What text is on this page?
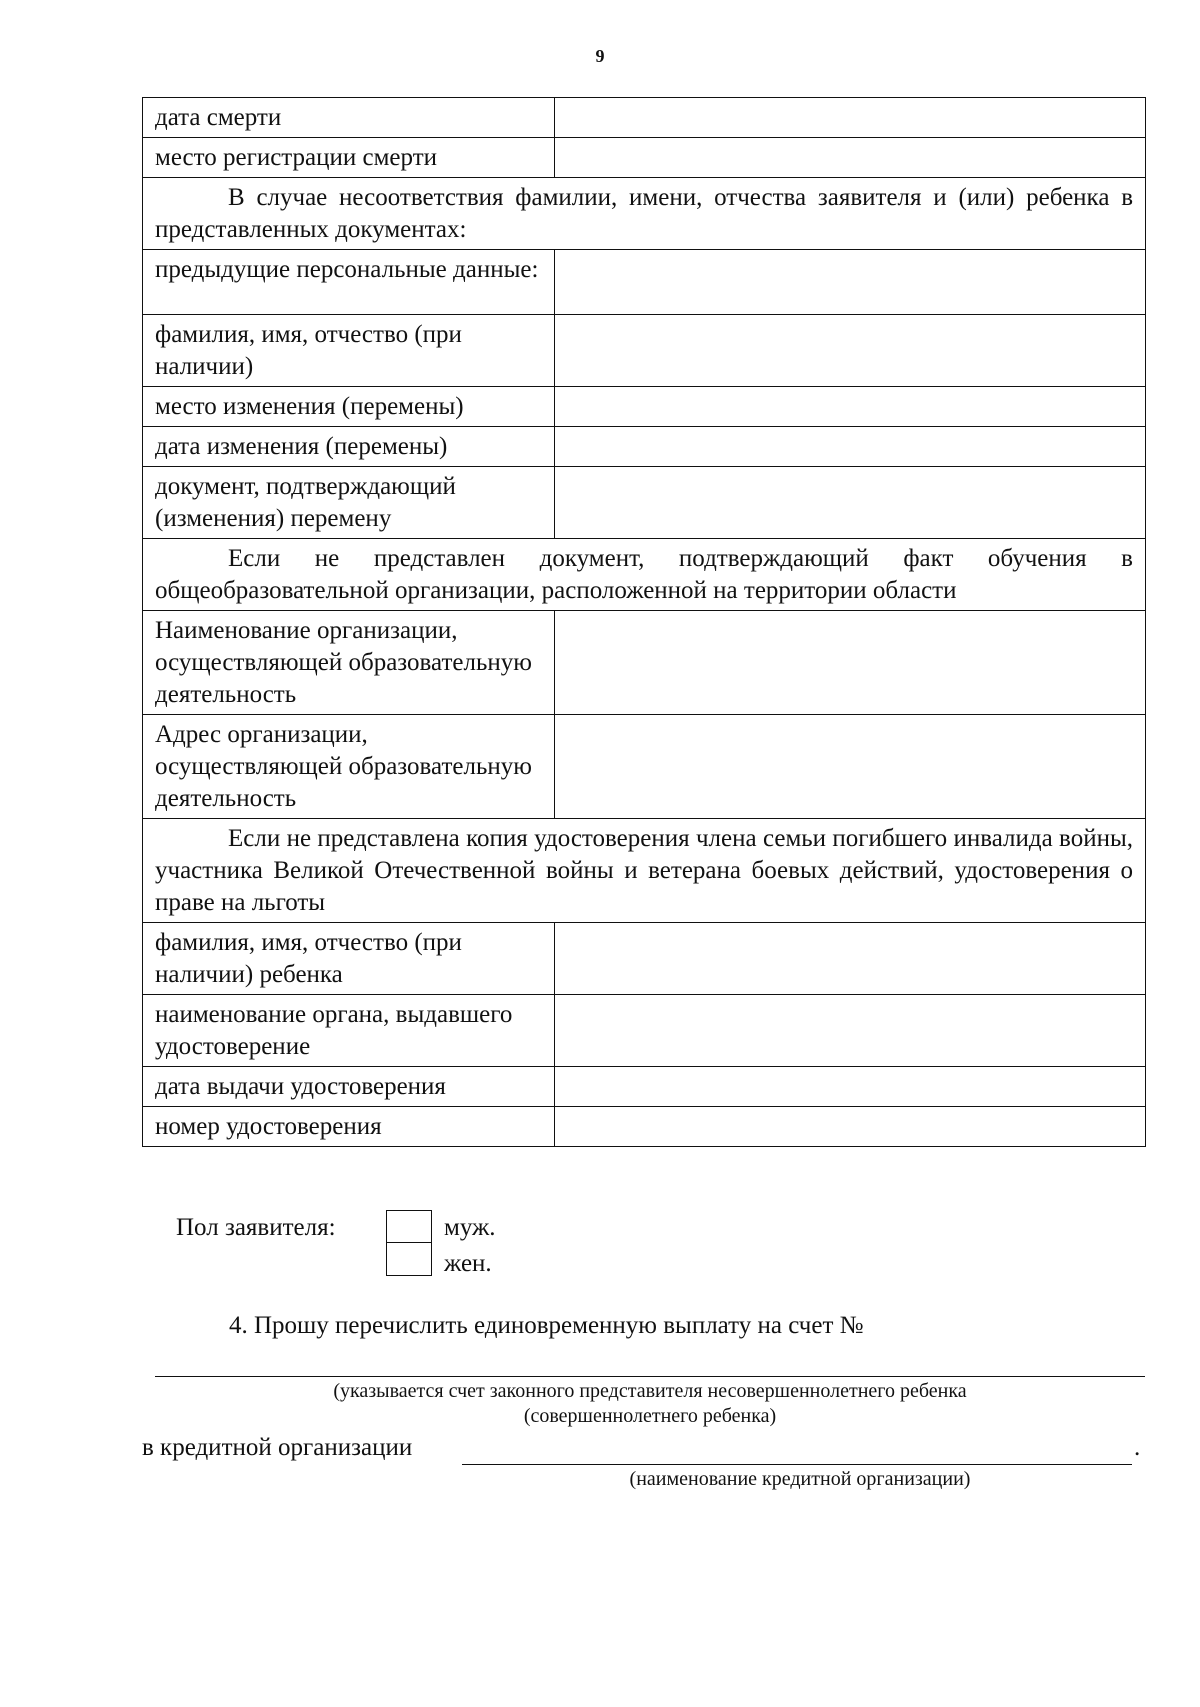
9
дата смерти	
место регистрации смерти	
В случае несоответствия фамилии, имени, отчества заявителя и (или) ребенка в представленных документах:	
предыдущие персональные данные:	
фамилия, имя, отчество (при наличии)	
место изменения (перемены)	
дата изменения (перемены)	
документ, подтверждающий (изменения) перемену	
Если не представлен документ, подтверждающий факт обучения в общеобразовательной организации, расположенной на территории области	
Наименование организации, осуществляющей образовательную деятельность	
Адрес организации, осуществляющей образовательную деятельность	
Если не представлена копия удостоверения члена семьи погибшего инвалида войны, участника Великой Отечественной войны и ветерана боевых действий, удостоверения о праве на льготы	
фамилия, имя, отчество (при наличии) ребенка	
наименование органа, выдавшего удостоверение	
дата выдачи удостоверения	
номер удостоверения	
Пол заявителя:	муж.
жен.
4. Прошу перечислить единовременную выплату на счет №
(указывается счет законного представителя несовершеннолетнего ребенка
(совершеннолетнего ребенка)
в кредитной организации	.
(наименование кредитной организации)
